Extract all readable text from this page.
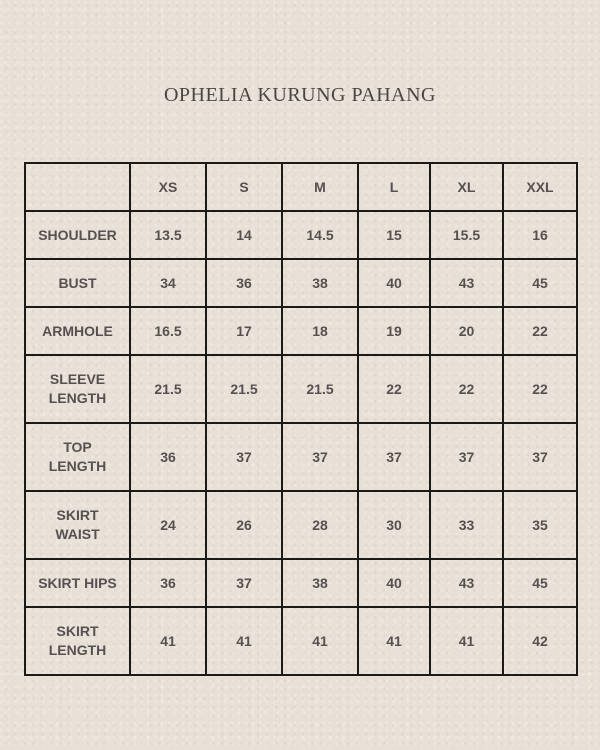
OPHELIA KURUNG PAHANG
	XS	S	M	L	XL	XXL

SHOULDER	13.5	14	14.5	15	15.5	16

BUST	34	36	38	40	43	45

ARMHOLE	16.5	17	18	19	20	22

SLEEVE
LENGTH	21.5	21.5	21.5	22	22	22

TOP
LENGTH	36	37	37	37	37	37

SKIRT
WAIST	24	26	28	30	33	35

SKIRT HIPS	36	37	38	40	43	45

SKIRT
LENGTH	41	41	41	41	41	42
